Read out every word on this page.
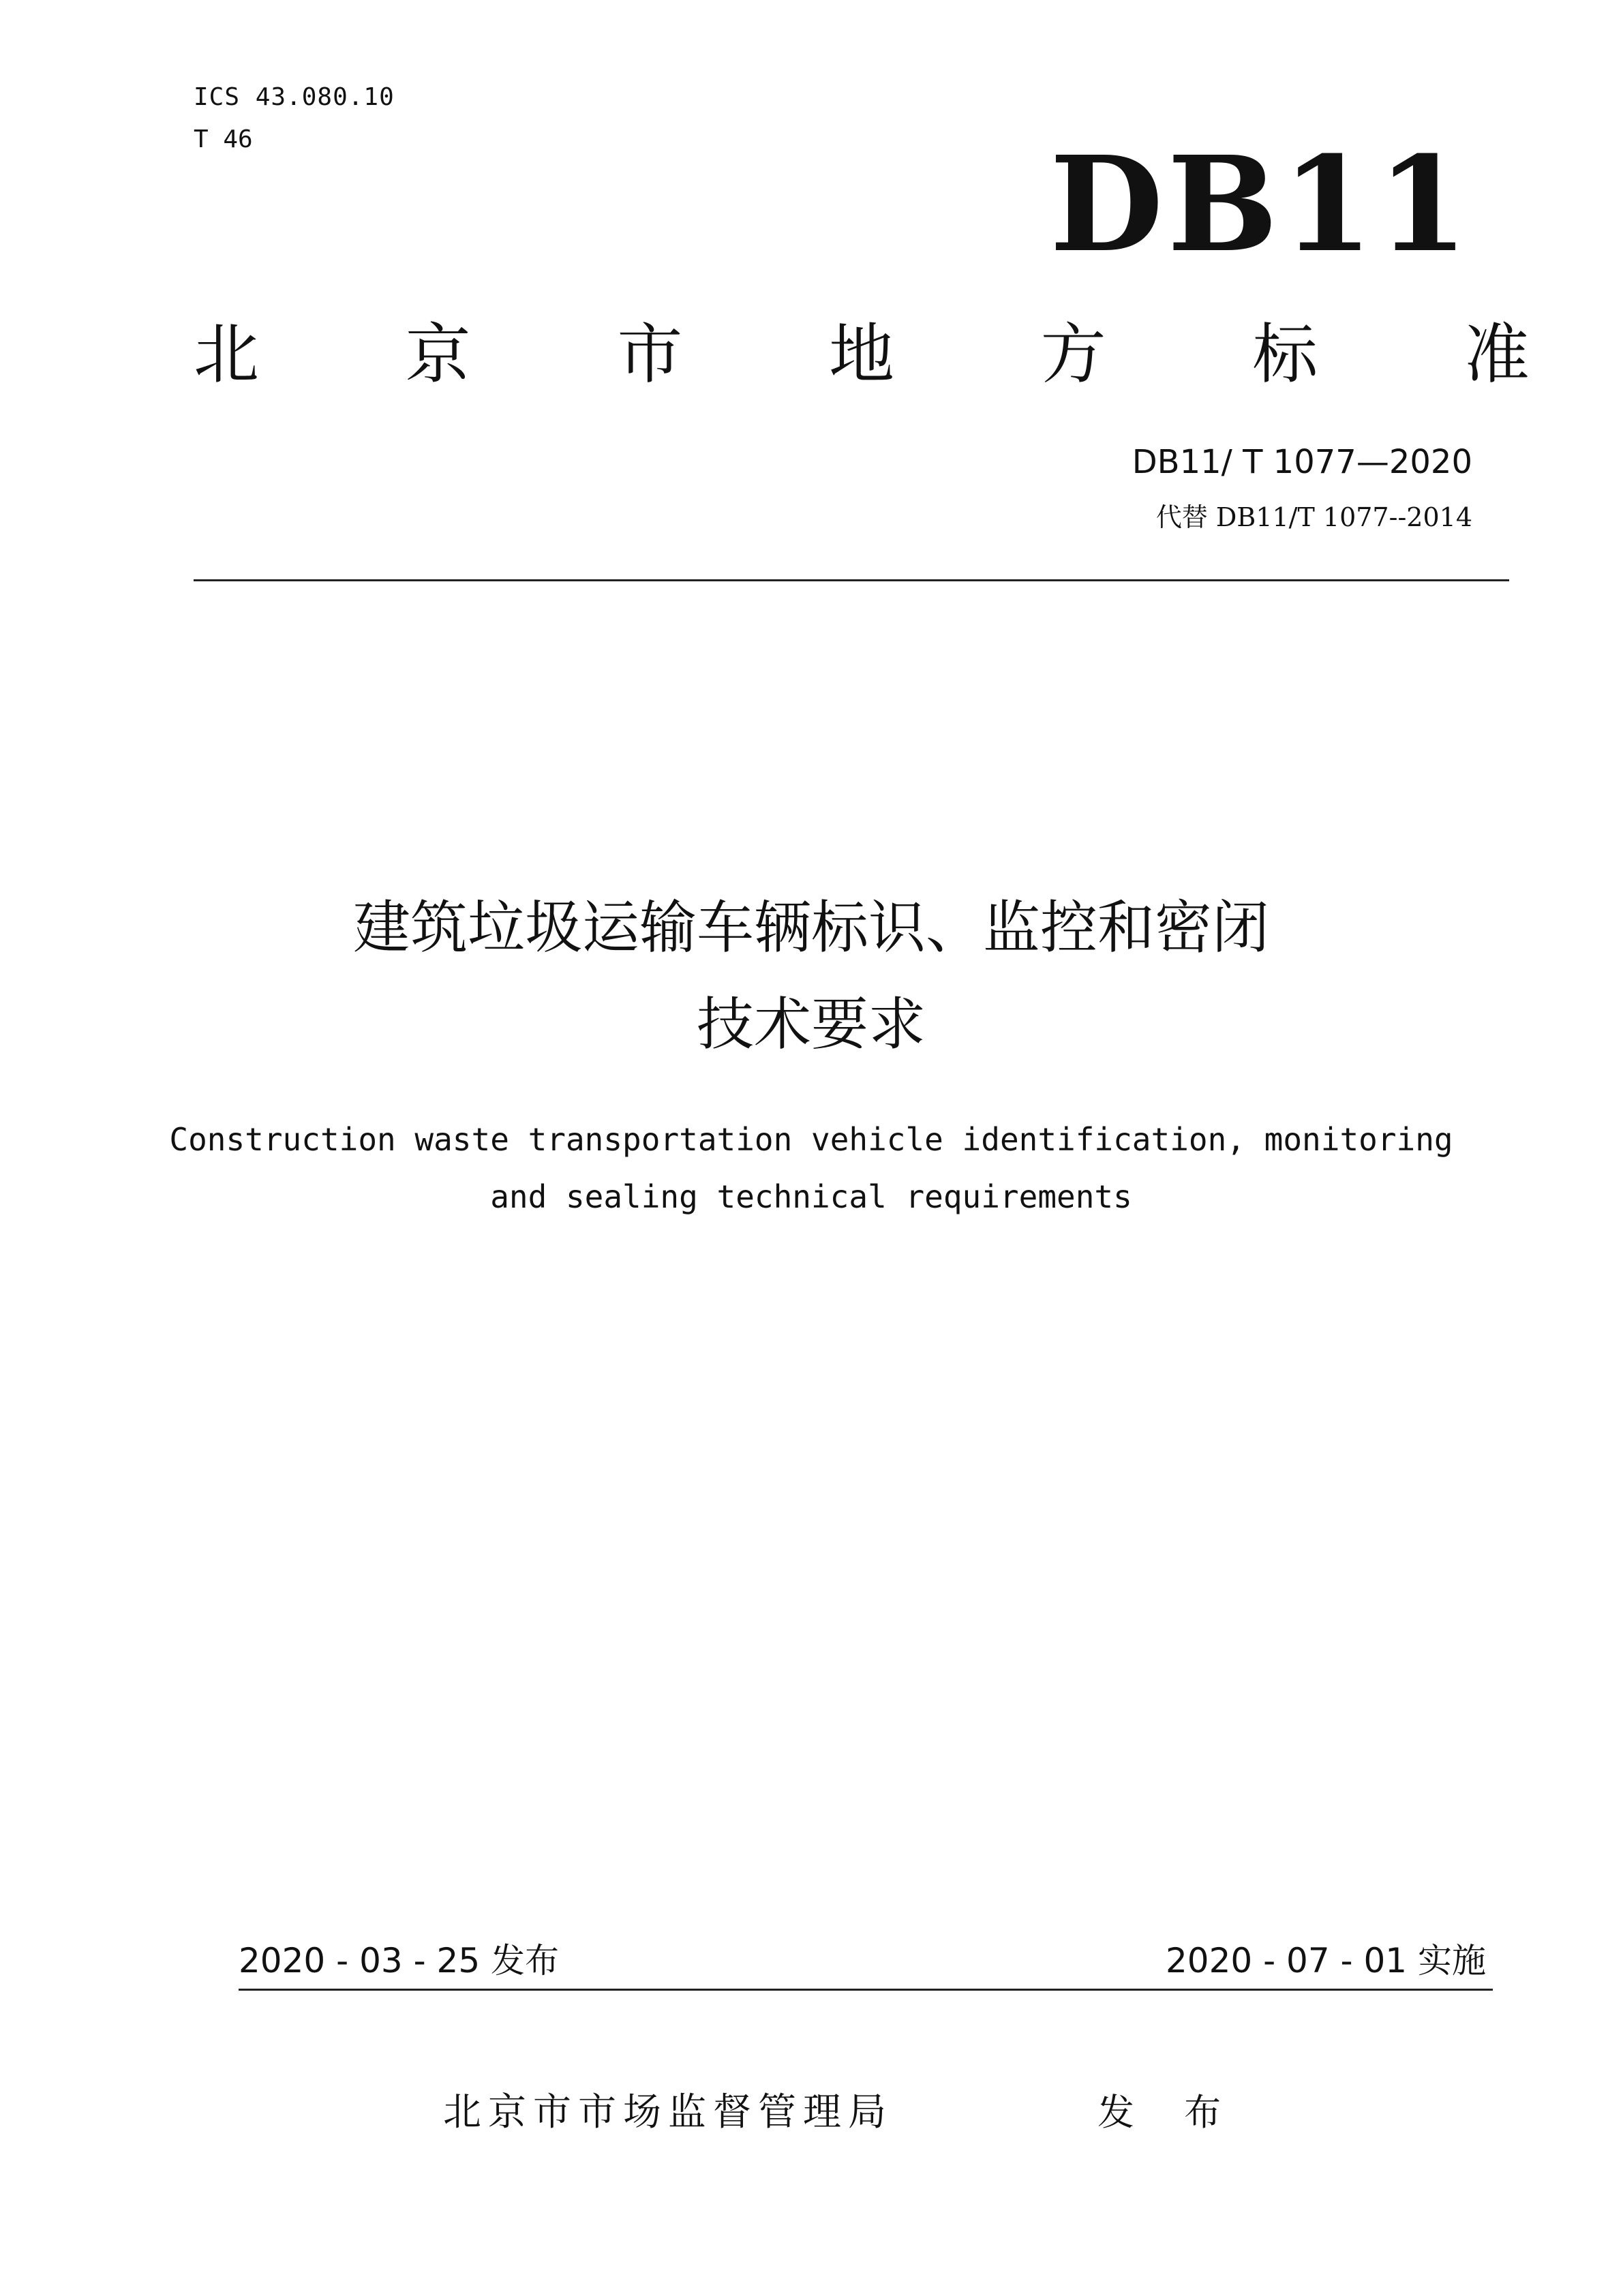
ICS 43.080.10
T 46	DB11
北 京 市 地 方 标 准
DB11/ T 1077—2020
代替 DB11/T 1077--2014
建筑垃圾运输车辆标识、监控和密闭
技术要求
Construction waste transportation vehicle identification, monitoring
and sealing technical requirements
2020 - 03 - 25 发布	2020 - 07 - 01 实施
北京市市场监督管理局	发 布
